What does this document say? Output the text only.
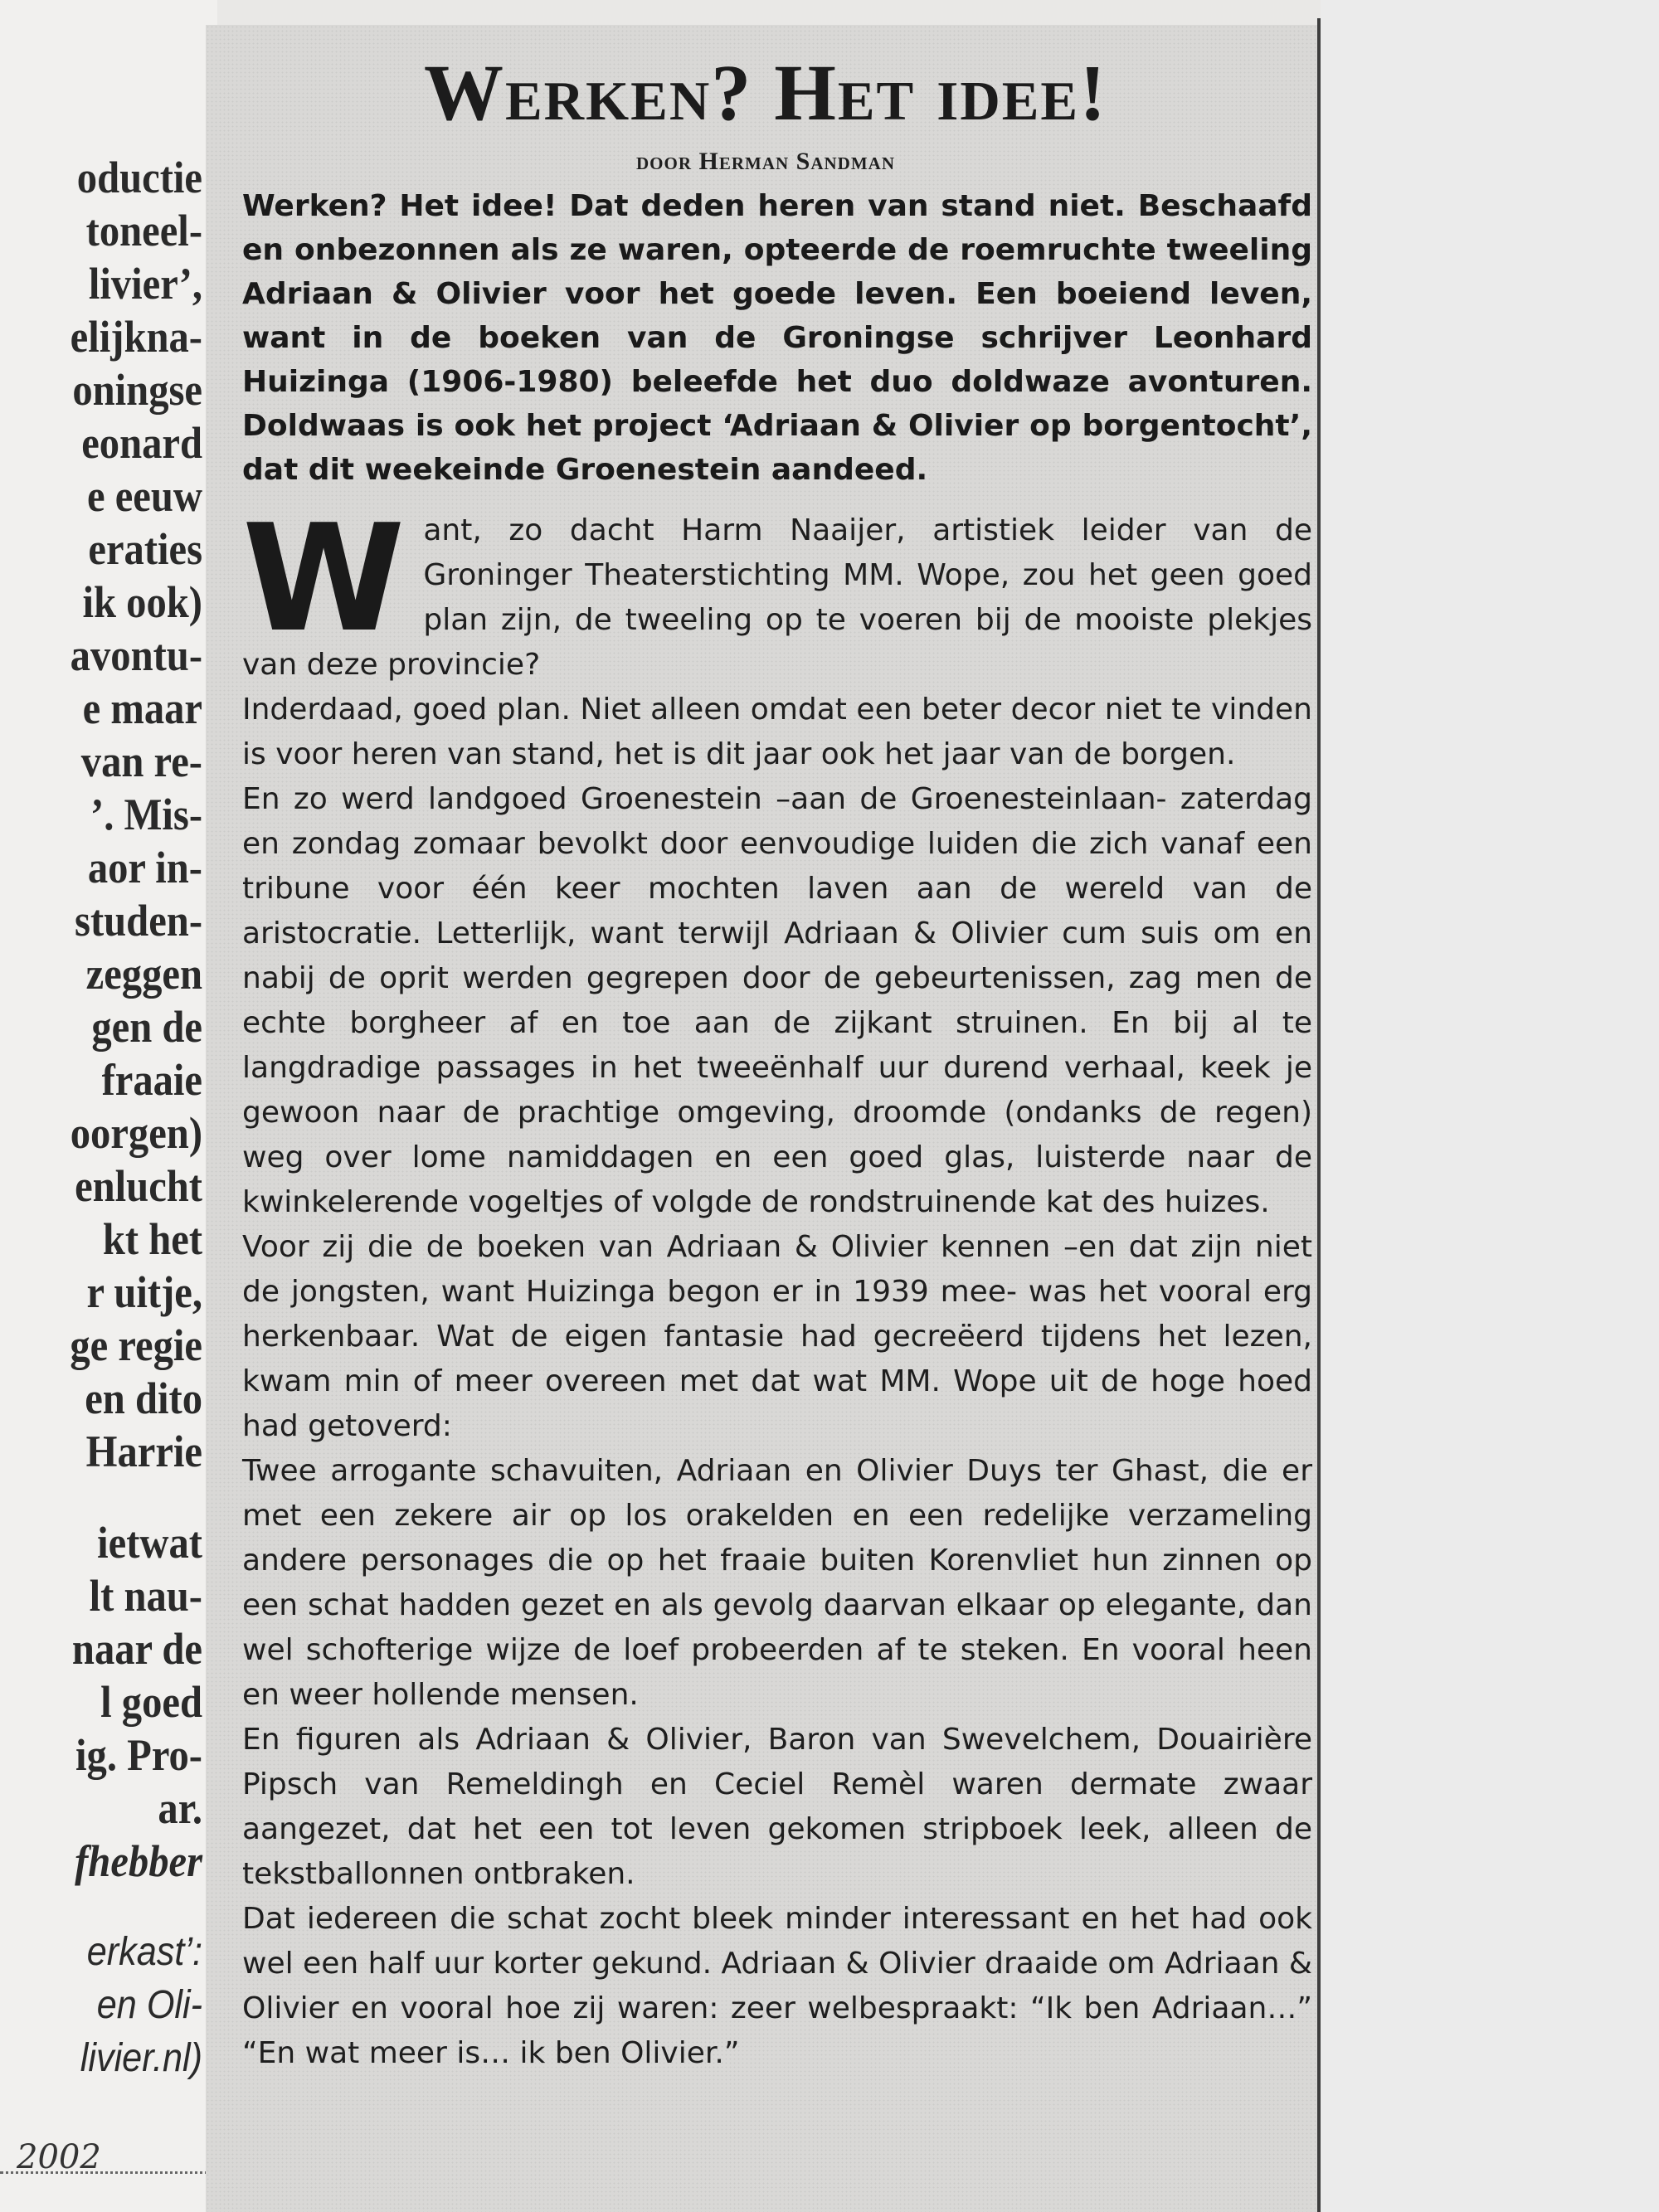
oductie
toneel-
livier’,
elijkna-
oningse
eonard
e eeuw
eraties
ik ook)
avontu-
e maar
van re-
’. Mis-
aor in-
studen-
zeggen
gen de
fraaie
oorgen)
enlucht
kt het
r uitje,
ge regie
en dito
Harrie
ietwat
lt nau-
naar de
l goed
ig. Pro-
ar.
fhebber
erkast’:
en Oli-
livier.nl)
2002
Werken? Het idee!
door Herman Sandman

Werken? Het idee! Dat deden heren van stand niet. Beschaafd en onbezonnen als ze waren, opteerde de roemruchte tweeling Adriaan & Olivier voor het goede leven. Een boeiend leven, want in de boeken van de Groningse schrijver Leonhard Huizinga (1906-1980) beleefde het duo doldwaze avonturen. Doldwaas is ook het project ‘Adriaan & Olivier op borgentocht’, dat dit weekeinde Groenestein aandeed.

W ant, zo dacht Harm Naaijer, artistiek leider van de Groninger Theaterstichting MM. Wope, zou het geen goed plan zijn, de tweeling op te voeren bij de mooiste plekjes van deze provincie?

Inderdaad, goed plan. Niet alleen omdat een beter decor niet te vinden is voor heren van stand, het is dit jaar ook het jaar van de borgen.

En zo werd landgoed Groenestein –aan de Groenesteinlaan- zaterdag en zondag zomaar bevolkt door eenvoudige luiden die zich vanaf een tribune voor één keer mochten laven aan de wereld van de aristocratie. Letterlijk, want terwijl Adriaan & Olivier cum suis om en nabij de oprit werden gegrepen door de gebeurtenissen, zag men de echte borgheer af en toe aan de zijkant struinen. En bij al te langdradige passages in het tweeënhalf uur durend verhaal, keek je gewoon naar de prachtige omgeving, droomde (ondanks de regen) weg over lome namiddagen en een goed glas, luisterde naar de kwinkelerende vogeltjes of volgde de rondstruinende kat des huizes.

Voor zij die de boeken van Adriaan & Olivier kennen –en dat zijn niet de jongsten, want Huizinga begon er in 1939 mee- was het vooral erg herkenbaar. Wat de eigen fantasie had gecreëerd tijdens het lezen, kwam min of meer overeen met dat wat MM. Wope uit de hoge hoed had getoverd:

Twee arrogante schavuiten, Adriaan en Olivier Duys ter Ghast, die er met een zekere air op los orakelden en een redelijke verzameling andere personages die op het fraaie buiten Korenvliet hun zinnen op een schat hadden gezet en als gevolg daarvan elkaar op elegante, dan wel schofterige wijze de loef probeerden af te steken. En vooral heen en weer hollende mensen.

En figuren als Adriaan & Olivier, Baron van Swevelchem, Douairière Pipsch van Remeldingh en Ceciel Remèl waren dermate zwaar aangezet, dat het een tot leven gekomen stripboek leek, alleen de tekstballonnen ontbraken.

Dat iedereen die schat zocht bleek minder interessant en het had ook wel een half uur korter gekund. Adriaan & Olivier draaide om Adriaan & Olivier en vooral hoe zij waren: zeer welbespraakt: “Ik ben Adriaan…” “En wat meer is… ik ben Olivier.”
